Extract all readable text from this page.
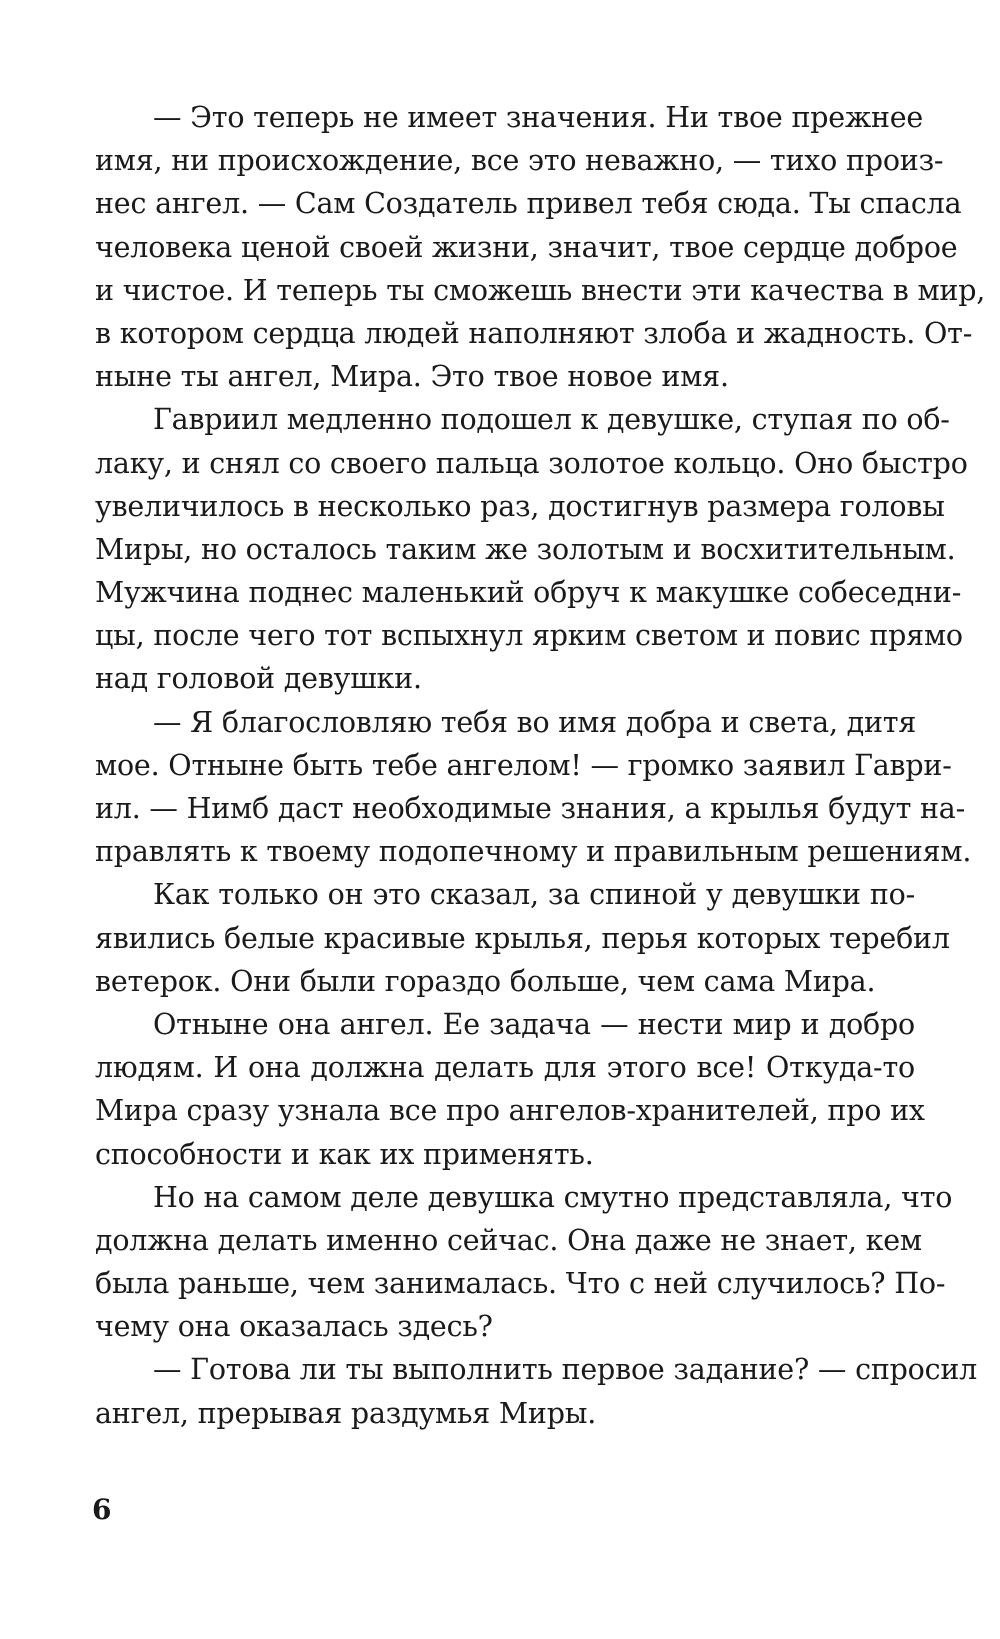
— Это теперь не имеет значения. Ни твое прежнее
имя, ни происхождение, все это неважно, — тихо произ-
нес ангел. — Сам Создатель привел тебя сюда. Ты спасла
человека ценой своей жизни, значит, твое сердце доброе
и чистое. И теперь ты сможешь внести эти качества в мир,
в котором сердца людей наполняют злоба и жадность. От-
ныне ты ангел, Мира. Это твое новое имя.
Гавриил медленно подошел к девушке, ступая по об-
лаку, и снял со своего пальца золотое кольцо. Оно быстро
увеличилось в несколько раз, достигнув размера головы
Миры, но осталось таким же золотым и восхитительным.
Мужчина поднес маленький обруч к макушке собеседни-
цы, после чего тот вспыхнул ярким светом и повис прямо
над головой девушки.
— Я благословляю тебя во имя добра и света, дитя
мое. Отныне быть тебе ангелом! — громко заявил Гаври-
ил. — Нимб даст необходимые знания, а крылья будут на-
правлять к твоему подопечному и правильным решениям.
Как только он это сказал, за спиной у девушки по-
явились белые красивые крылья, перья которых теребил
ветерок. Они были гораздо больше, чем сама Мира.
Отныне она ангел. Ее задача — нести мир и добро
людям. И она должна делать для этого все! Откуда-то
Мира сразу узнала все про ангелов-хранителей, про их
способности и как их применять.
Но на самом деле девушка смутно представляла, что
должна делать именно сейчас. Она даже не знает, кем
была раньше, чем занималась. Что с ней случилось? По-
чему она оказалась здесь?
— Готова ли ты выполнить первое задание? — спросил
ангел, прерывая раздумья Миры.
6
